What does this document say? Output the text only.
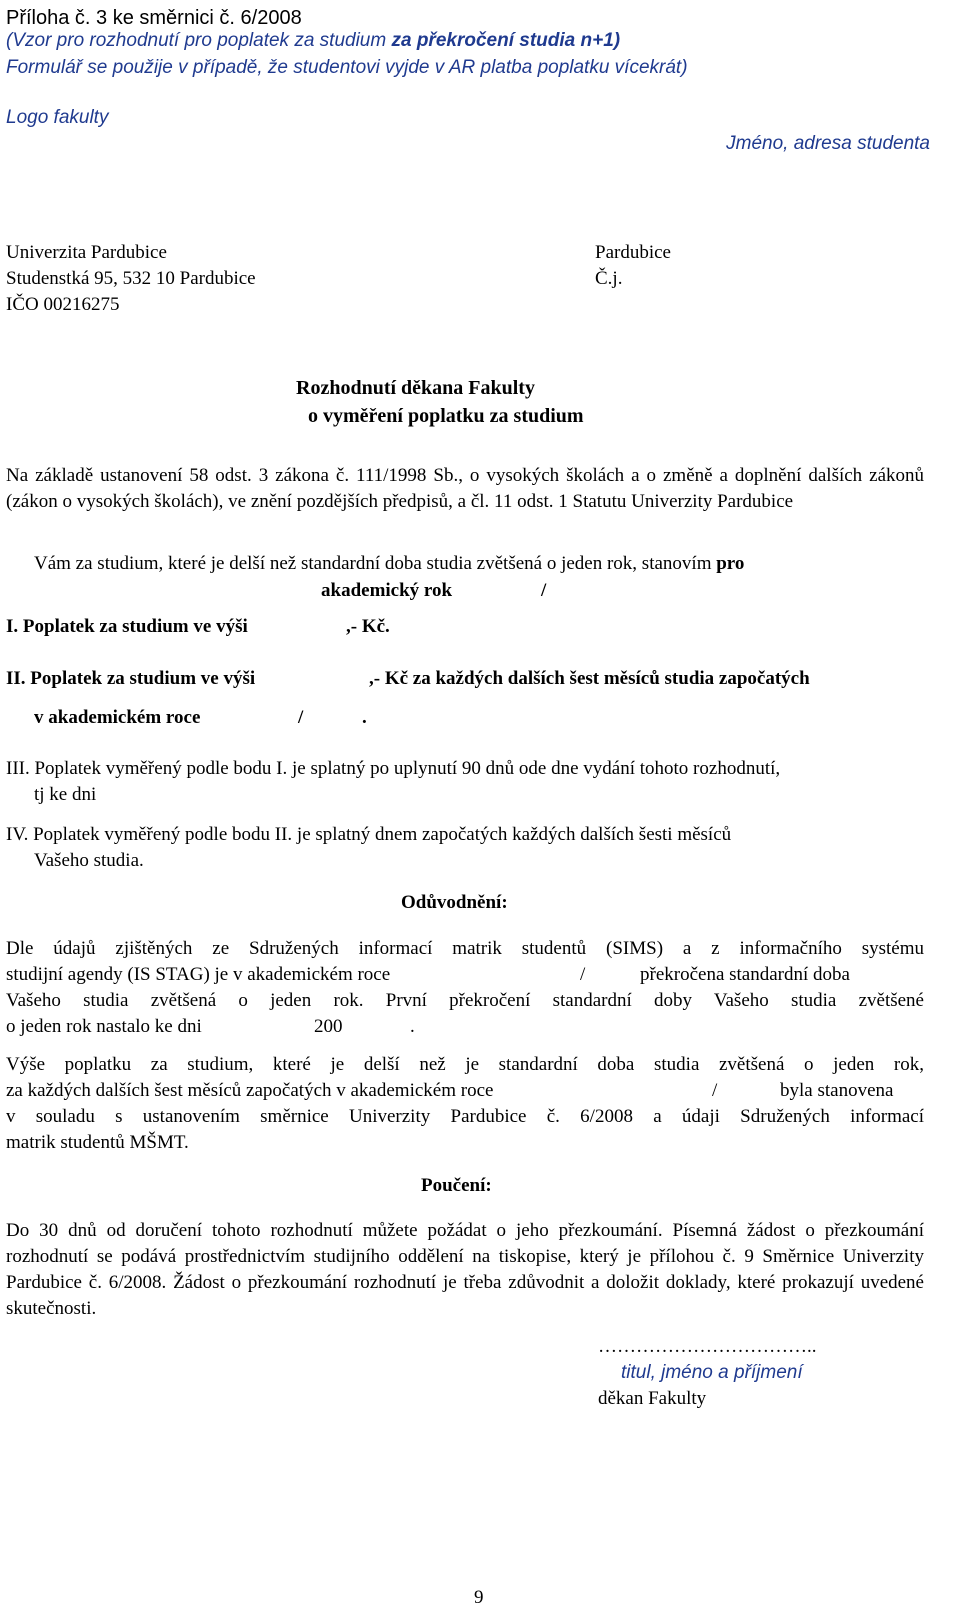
Příloha č. 3 ke směrnici č. 6/2008
(Vzor pro rozhodnutí pro poplatek za studium za překročení studia n+1)
Formulář se použije v případě, že studentovi vyjde v AR platba poplatku vícekrát)
Logo fakulty
Jméno, adresa studenta
Univerzita Pardubice
Studenstká 95, 532 10 Pardubice
IČO 00216275
Pardubice
Č.j.
Rozhodnutí děkana Fakulty
o vyměření poplatku za studium
Na základě ustanovení 58 odst. 3 zákona č. 111/1998 Sb., o vysokých školách a o změně a doplnění dalších zákonů (zákon o vysokých školách), ve znění pozdějších předpisů, a čl. 11 odst. 1 Statutu Univerzity Pardubice
Vám za studium, které je delší než standardní doba studia zvětšená o jeden rok, stanovím pro
akademický rok	/
I. Poplatek za studium ve výši	,- Kč.
II. Poplatek za studium ve výši	,- Kč za každých dalších šest měsíců studia započatých
v akademickém roce	/	.
III. Poplatek vyměřený podle bodu I. je splatný po uplynutí 90 dnů ode dne vydání tohoto rozhodnutí,
tj ke dni
IV. Poplatek vyměřený podle bodu II. je splatný dnem započatých každých dalších šesti měsíců
Vašeho studia.
Odůvodnění:
Dle údajů zjištěných ze Sdružených informací matrik studentů (SIMS) a z informačního systému
studijní agendy (IS STAG) je v akademickém roce	/	překročena standardní doba
Vašeho studia zvětšená o jeden rok. První překročení standardní doby Vašeho studia zvětšené
o jeden rok nastalo ke dni	200	.
Výše poplatku za studium, které je delší než je standardní doba studia zvětšená o jeden rok,
za každých dalších šest měsíců započatých v akademickém roce	/	byla stanovena
v souladu s ustanovením směrnice Univerzity Pardubice č. 6/2008 a údaji Sdružených informací
matrik studentů MŠMT.
Poučení:
Do 30 dnů od doručení tohoto rozhodnutí můžete požádat o jeho přezkoumání. Písemná žádost o přezkoumání rozhodnutí se podává prostřednictvím studijního oddělení na tiskopise, který je přílohou č. 9 Směrnice Univerzity Pardubice č. 6/2008. Žádost o přezkoumání rozhodnutí je třeba zdůvodnit a doložit doklady, které prokazují uvedené skutečnosti.
……………………………..
titul, jméno a příjmení
děkan Fakulty
9
